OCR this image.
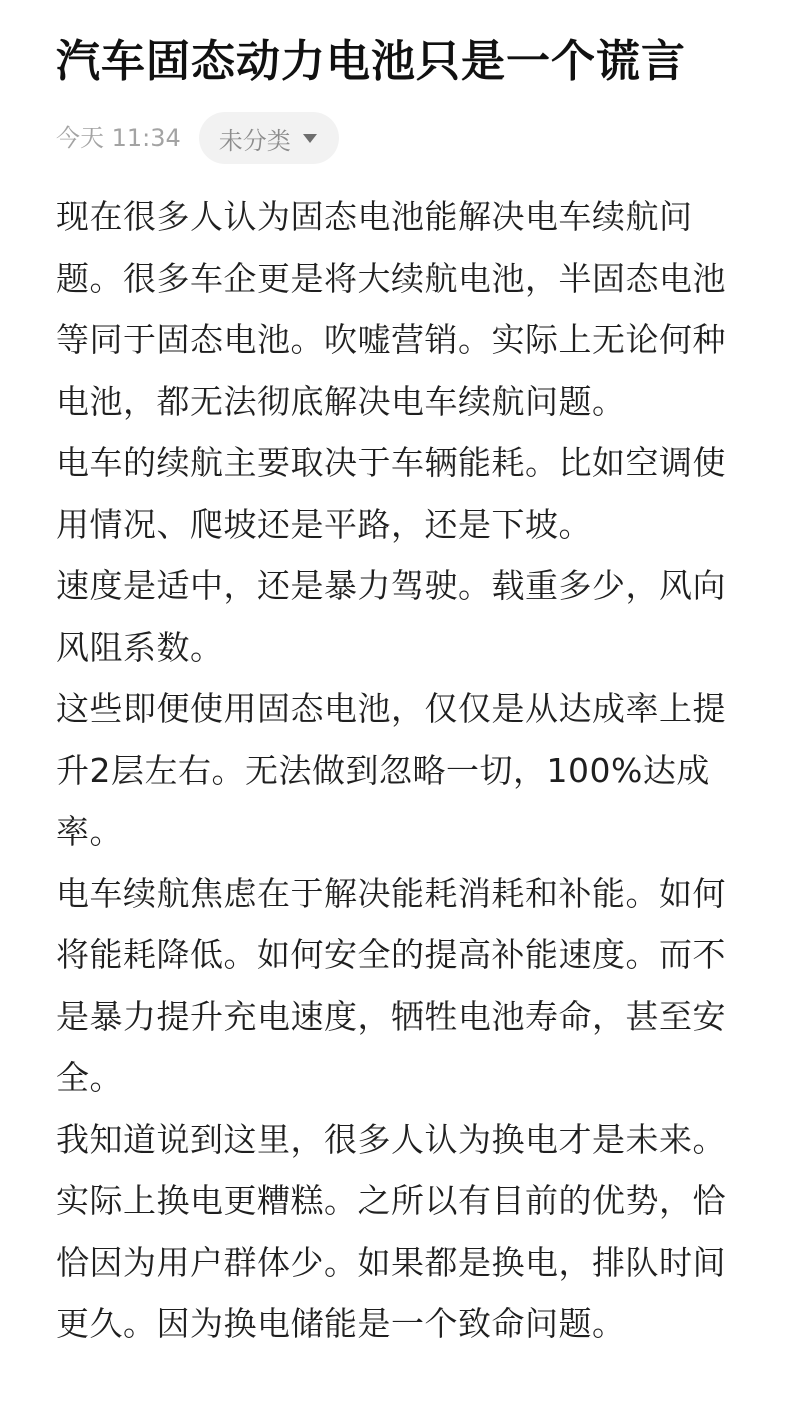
汽车固态动力电池只是一个谎言
今天 11:34 未分类

现在很多人认为固态电池能解决电车续航问题。很多车企更是将大续航电池，半固态电池等同于固态电池。吹嘘营销。实际上无论何种电池，都无法彻底解决电车续航问题。

电车的续航主要取决于车辆能耗。比如空调使用情况、爬坡还是平路，还是下坡。

速度是适中，还是暴力驾驶。载重多少，风向风阻系数。

这些即便使用固态电池，仅仅是从达成率上提升2层左右。无法做到忽略一切，100%达成率。

电车续航焦虑在于解决能耗消耗和补能。如何将能耗降低。如何安全的提高补能速度。而不是暴力提升充电速度，牺牲电池寿命，甚至安全。

我知道说到这里，很多人认为换电才是未来。实际上换电更糟糕。之所以有目前的优势，恰恰因为用户群体少。如果都是换电，排队时间更久。因为换电储能是一个致命问题。
